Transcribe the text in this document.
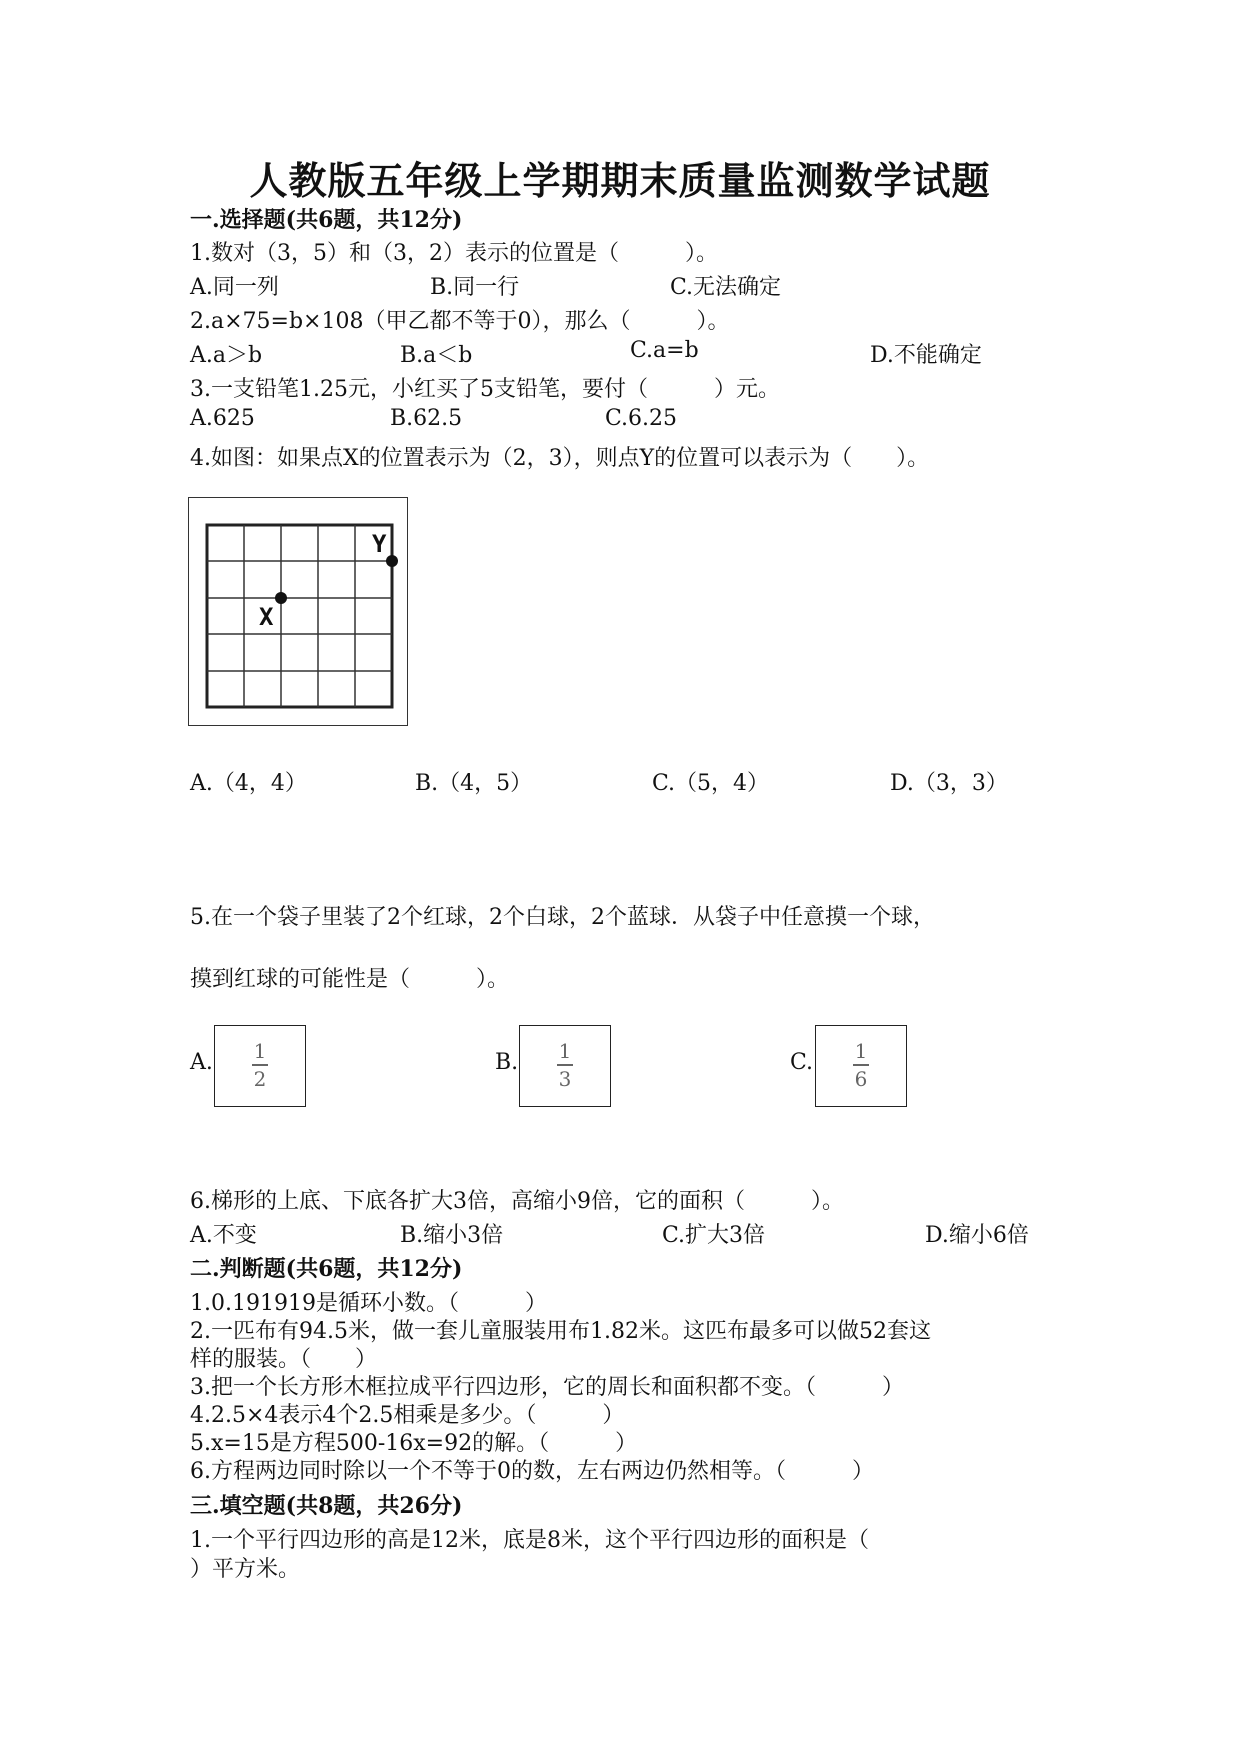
人教版五年级上学期期末质量监测数学试题
一.选择题(共6题，共12分)
1.数对（3，5）和（3，2）表示的位置是（　　　）。
A.同一列	B.同一行	C.无法确定
2.a×75=b×108（甲乙都不等于0），那么（　　　）。
A.a＞b	B.a＜b	C.a=b	D.不能确定
3.一支铅笔1.25元，小红买了5支铅笔，要付（　　　）元。
A.625	B.62.5	C.6.25
4.如图：如果点X的位置表示为（2，3），则点Y的位置可以表示为（　　）。
X
Y
A.（4，4）	B.（4，5）	C.（5，4）	D.（3，3）
5.在一个袋子里装了2个红球，2个白球，2个蓝球．从袋子中任意摸一个球，
摸到红球的可能性是（　　　）。
A.	1
2
B.	1
3
C.	1
6
6.梯形的上底、下底各扩大3倍，高缩小9倍，它的面积（　　　）。
A.不变	B.缩小3倍	C.扩大3倍	D.缩小6倍
二.判断题(共6题，共12分)
1.0.191919是循环小数。（　　　）
2.一匹布有94.5米，做一套儿童服装用布1.82米。这匹布最多可以做52套这
样的服装。（　　）
3.把一个长方形木框拉成平行四边形，它的周长和面积都不变。（　　　）
4.2.5×4表示4个2.5相乘是多少。（　　　）
5.x=15是方程500-16x=92的解。（　　　）
6.方程两边同时除以一个不等于0的数，左右两边仍然相等。（　　　）
三.填空题(共8题，共26分)
1.一个平行四边形的高是12米，底是8米，这个平行四边形的面积是（
）平方米。
